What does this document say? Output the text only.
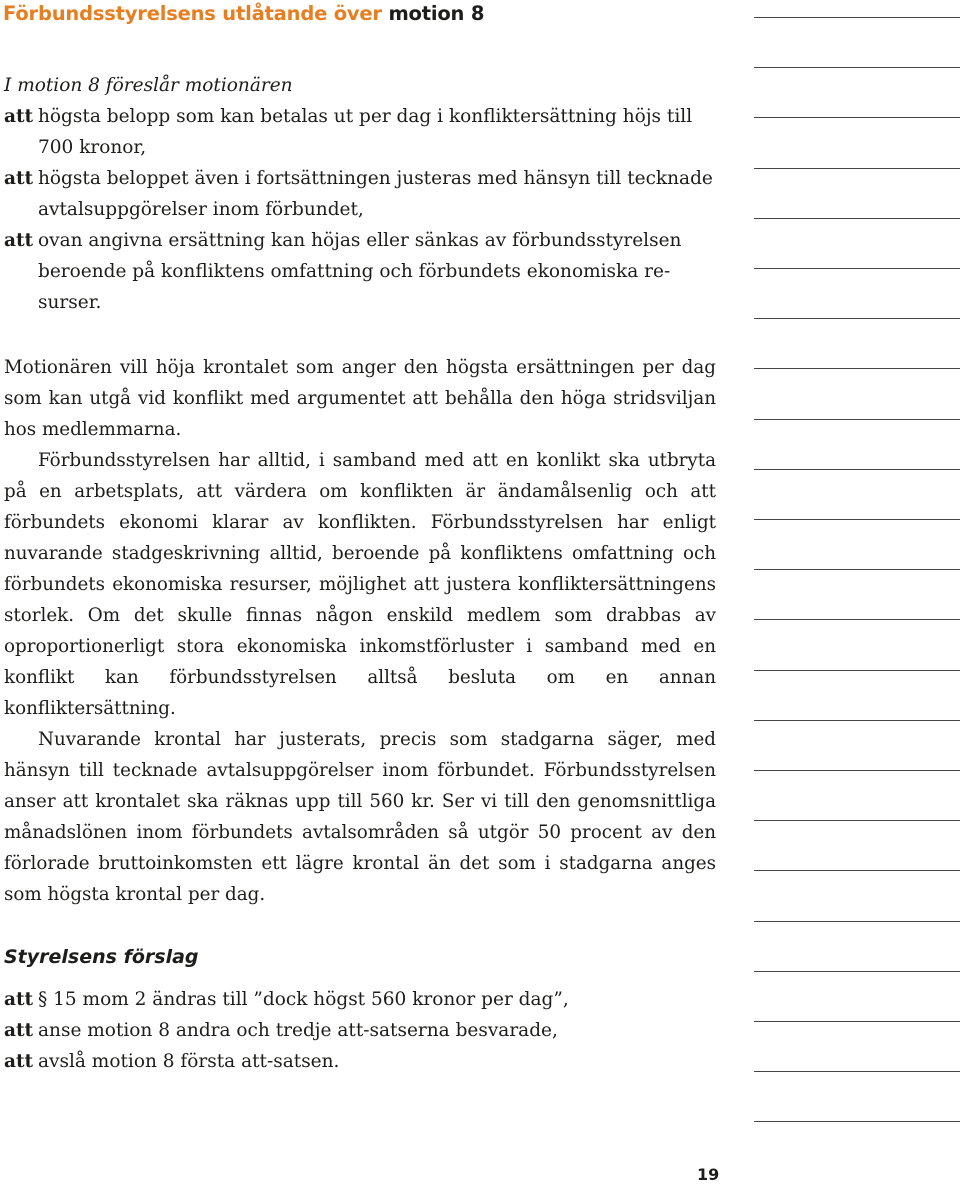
Förbundsstyrelsens utlåtande över motion 8
I motion 8 föreslår motionären
att högsta belopp som kan betalas ut per dag i konfliktersättning höjs till
700 kronor,
att högsta beloppet även i fortsättningen justeras med hänsyn till tecknade
avtalsuppgörelser inom förbundet,
att ovan angivna ersättning kan höjas eller sänkas av förbundsstyrelsen
beroende på konfliktens omfattning och förbundets ekonomiska re-
surser.

Motionären vill höja krontalet som anger den högsta ersättningen per dag som kan utgå vid konflikt med argumentet att behålla den höga stridsviljan hos medlemmarna.

Förbundsstyrelsen har alltid, i samband med att en konlikt ska utbryta på en arbetsplats, att värdera om konflikten är ändamålsenlig och att förbundets ekonomi klarar av konflikten. Förbundsstyrelsen har enligt nuvarande stadgeskrivning alltid, beroende på konfliktens omfattning och förbundets ekonomiska resurser, möjlighet att justera konfliktersättningens storlek. Om det skulle finnas någon enskild medlem som drabbas av oproportionerligt stora ekonomiska inkomstförluster i samband med en konflikt kan förbundsstyrelsen alltså besluta om en annan konfliktersättning.

Nuvarande krontal har justerats, precis som stadgarna säger, med hänsyn till tecknade avtalsuppgörelser inom förbundet. Förbundsstyrelsen anser att krontalet ska räknas upp till 560 kr. Ser vi till den genomsnittliga månadslönen inom förbundets avtalsområden så utgör 50 procent av den förlorade bruttoinkomsten ett lägre krontal än det som i stadgarna anges som högsta krontal per dag.

Styrelsens förslag
att § 15 mom 2 ändras till ”dock högst 560 kronor per dag”,
att anse motion 8 andra och tredje att-satserna besvarade,
att avslå motion 8 första att-satsen.

19
